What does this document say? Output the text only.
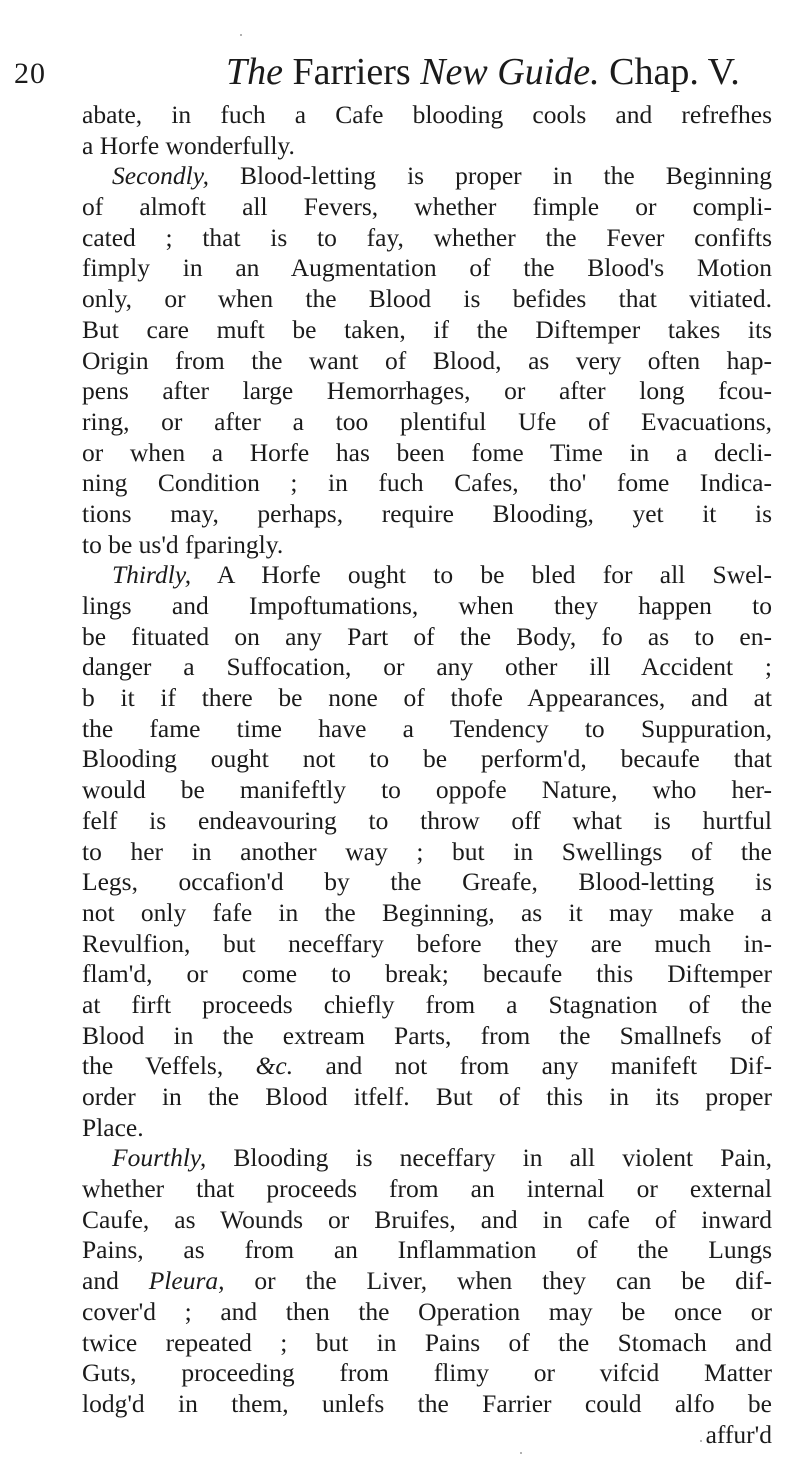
20	The Farriers New Guide. Chap. V.
abate, in fuch a Cafe blooding cools and refrefhes
a Horfe wonderfully.
Secondly, Blood-letting is proper in the Beginning
of almoft all Fevers, whether fimple or compli-
cated ; that is to fay, whether the Fever confifts
fimply in an Augmentation of the Blood's Motion
only, or when the Blood is befides that vitiated.
But care muft be taken, if the Diftemper takes its
Origin from the want of Blood, as very often hap-
pens after large Hemorrhages, or after long fcou-
ring, or after a too plentiful Ufe of Evacuations,
or when a Horfe has been fome Time in a decli-
ning Condition ; in fuch Cafes, tho' fome Indica-
tions may, perhaps, require Blooding, yet it is
to be us'd fparingly.
Thirdly, A Horfe ought to be bled for all Swel-
lings and Impoftumations, when they happen to
be fituated on any Part of the Body, fo as to en-
danger a Suffocation, or any other ill Accident ;
b it if there be none of thofe Appearances, and at
the fame time have a Tendency to Suppuration,
Blooding ought not to be perform'd, becaufe that
would be manifeftly to oppofe Nature, who her-
felf is endeavouring to throw off what is hurtful
to her in another way ; but in Swellings of the
Legs, occafion'd by the Greafe, Blood-letting is
not only fafe in the Beginning, as it may make a
Revulfion, but neceffary before they are much in-
flam'd, or come to break; becaufe this Diftemper
at firft proceeds chiefly from a Stagnation of the
Blood in the extream Parts, from the Smallnefs of
the Veffels, &c. and not from any manifeft Dif-
order in the Blood itfelf. But of this in its proper
Place.
Fourthly, Blooding is neceffary in all violent Pain,
whether that proceeds from an internal or external
Caufe, as Wounds or Bruifes, and in cafe of inward
Pains, as from an Inflammation of the Lungs
and Pleura, or the Liver, when they can be dif-
cover'd ; and then the Operation may be once or
twice repeated ; but in Pains of the Stomach and
Guts, proceeding from flimy or vifcid Matter
lodg'd in them, unlefs the Farrier could alfo be
affur'd
